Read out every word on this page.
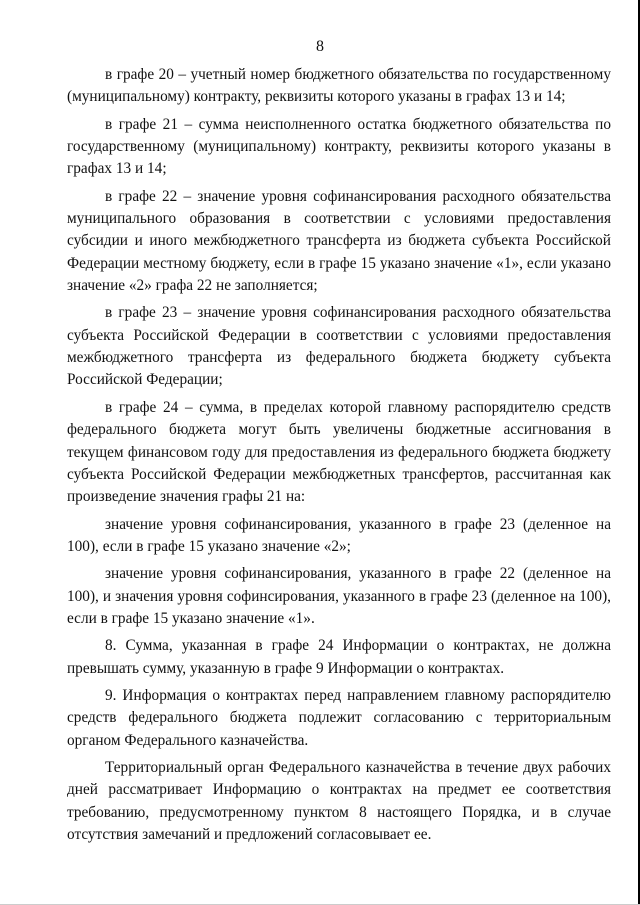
8

в графе 20 – учетный номер бюджетного обязательства по государственному (муниципальному) контракту, реквизиты которого указаны в графах 13 и 14;

в графе 21 – сумма неисполненного остатка бюджетного обязательства по государственному (муниципальному) контракту, реквизиты которого указаны в графах 13 и 14;

в графе 22 – значение уровня софинансирования расходного обязательства муниципального образования в соответствии с условиями предоставления субсидии и иного межбюджетного трансферта из бюджета субъекта Российской Федерации местному бюджету, если в графе 15 указано значение «1», если указано значение «2» графа 22 не заполняется;

в графе 23 – значение уровня софинансирования расходного обязательства субъекта Российской Федерации в соответствии с условиями предоставления межбюджетного трансферта из федерального бюджета бюджету субъекта Российской Федерации;

в графе 24 – сумма, в пределах которой главному распорядителю средств федерального бюджета могут быть увеличены бюджетные ассигнования в текущем финансовом году для предоставления из федерального бюджета бюджету субъекта Российской Федерации межбюджетных трансфертов, рассчитанная как произведение значения графы 21 на:

значение уровня софинансирования, указанного в графе 23 (деленное на 100), если в графе 15 указано значение «2»;

значение уровня софинансирования, указанного в графе 22 (деленное на 100), и значения уровня софинсирования, указанного в графе 23 (деленное на 100), если в графе 15 указано значение «1».

8. Сумма, указанная в графе 24 Информации о контрактах, не должна превышать сумму, указанную в графе 9 Информации о контрактах.

9. Информация о контрактах перед направлением главному распорядителю средств федерального бюджета подлежит согласованию с территориальным органом Федерального казначейства.

Территориальный орган Федерального казначейства в течение двух рабочих дней рассматривает Информацию о контрактах на предмет ее соответствия требованию, предусмотренному пунктом 8 настоящего Порядка, и в случае отсутствия замечаний и предложений согласовывает ее.
